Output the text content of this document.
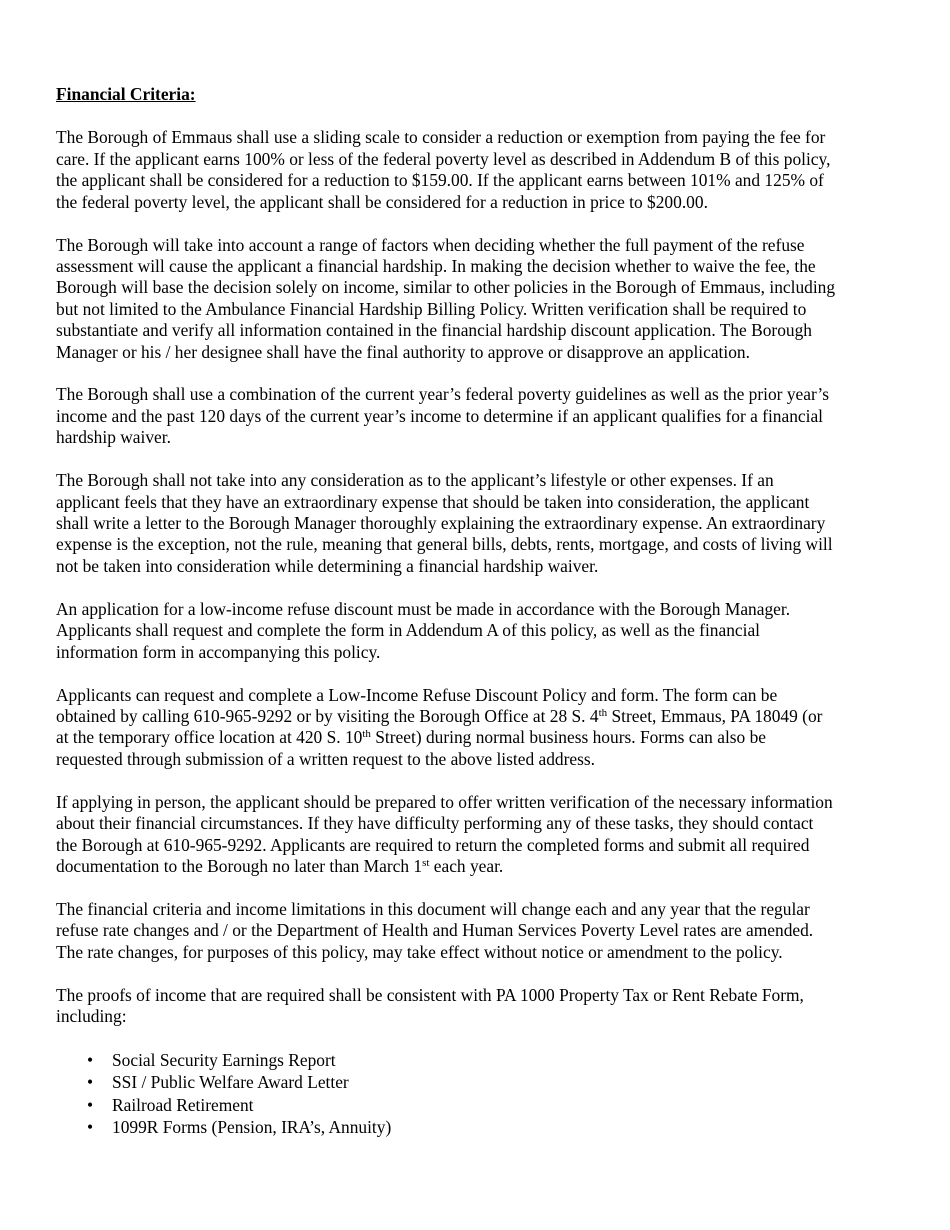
Financial Criteria:

The Borough of Emmaus shall use a sliding scale to consider a reduction or exemption from paying the fee for
care. If the applicant earns 100% or less of the federal poverty level as described in Addendum B of this policy,
the applicant shall be considered for a reduction to $159.00. If the applicant earns between 101% and 125% of
the federal poverty level, the applicant shall be considered for a reduction in price to $200.00.

The Borough will take into account a range of factors when deciding whether the full payment of the refuse
assessment will cause the applicant a financial hardship. In making the decision whether to waive the fee, the
Borough will base the decision solely on income, similar to other policies in the Borough of Emmaus, including
but not limited to the Ambulance Financial Hardship Billing Policy. Written verification shall be required to
substantiate and verify all information contained in the financial hardship discount application. The Borough
Manager or his / her designee shall have the final authority to approve or disapprove an application.

The Borough shall use a combination of the current year’s federal poverty guidelines as well as the prior year’s
income and the past 120 days of the current year’s income to determine if an applicant qualifies for a financial
hardship waiver.

The Borough shall not take into any consideration as to the applicant’s lifestyle or other expenses. If an
applicant feels that they have an extraordinary expense that should be taken into consideration, the applicant
shall write a letter to the Borough Manager thoroughly explaining the extraordinary expense. An extraordinary
expense is the exception, not the rule, meaning that general bills, debts, rents, mortgage, and costs of living will
not be taken into consideration while determining a financial hardship waiver.

An application for a low-income refuse discount must be made in accordance with the Borough Manager.
Applicants shall request and complete the form in Addendum A of this policy, as well as the financial
information form in accompanying this policy.

Applicants can request and complete a Low-Income Refuse Discount Policy and form. The form can be
obtained by calling 610-965-9292 or by visiting the Borough Office at 28 S. 4th Street, Emmaus, PA 18049 (or
at the temporary office location at 420 S. 10th Street) during normal business hours. Forms can also be
requested through submission of a written request to the above listed address.

If applying in person, the applicant should be prepared to offer written verification of the necessary information
about their financial circumstances. If they have difficulty performing any of these tasks, they should contact
the Borough at 610-965-9292. Applicants are required to return the completed forms and submit all required
documentation to the Borough no later than March 1st each year.

The financial criteria and income limitations in this document will change each and any year that the regular
refuse rate changes and / or the Department of Health and Human Services Poverty Level rates are amended.
The rate changes, for purposes of this policy, may take effect without notice or amendment to the policy.

The proofs of income that are required shall be consistent with PA 1000 Property Tax or Rent Rebate Form,
including:

• Social Security Earnings Report
• SSI / Public Welfare Award Letter
• Railroad Retirement
• 1099R Forms (Pension, IRA’s, Annuity)
